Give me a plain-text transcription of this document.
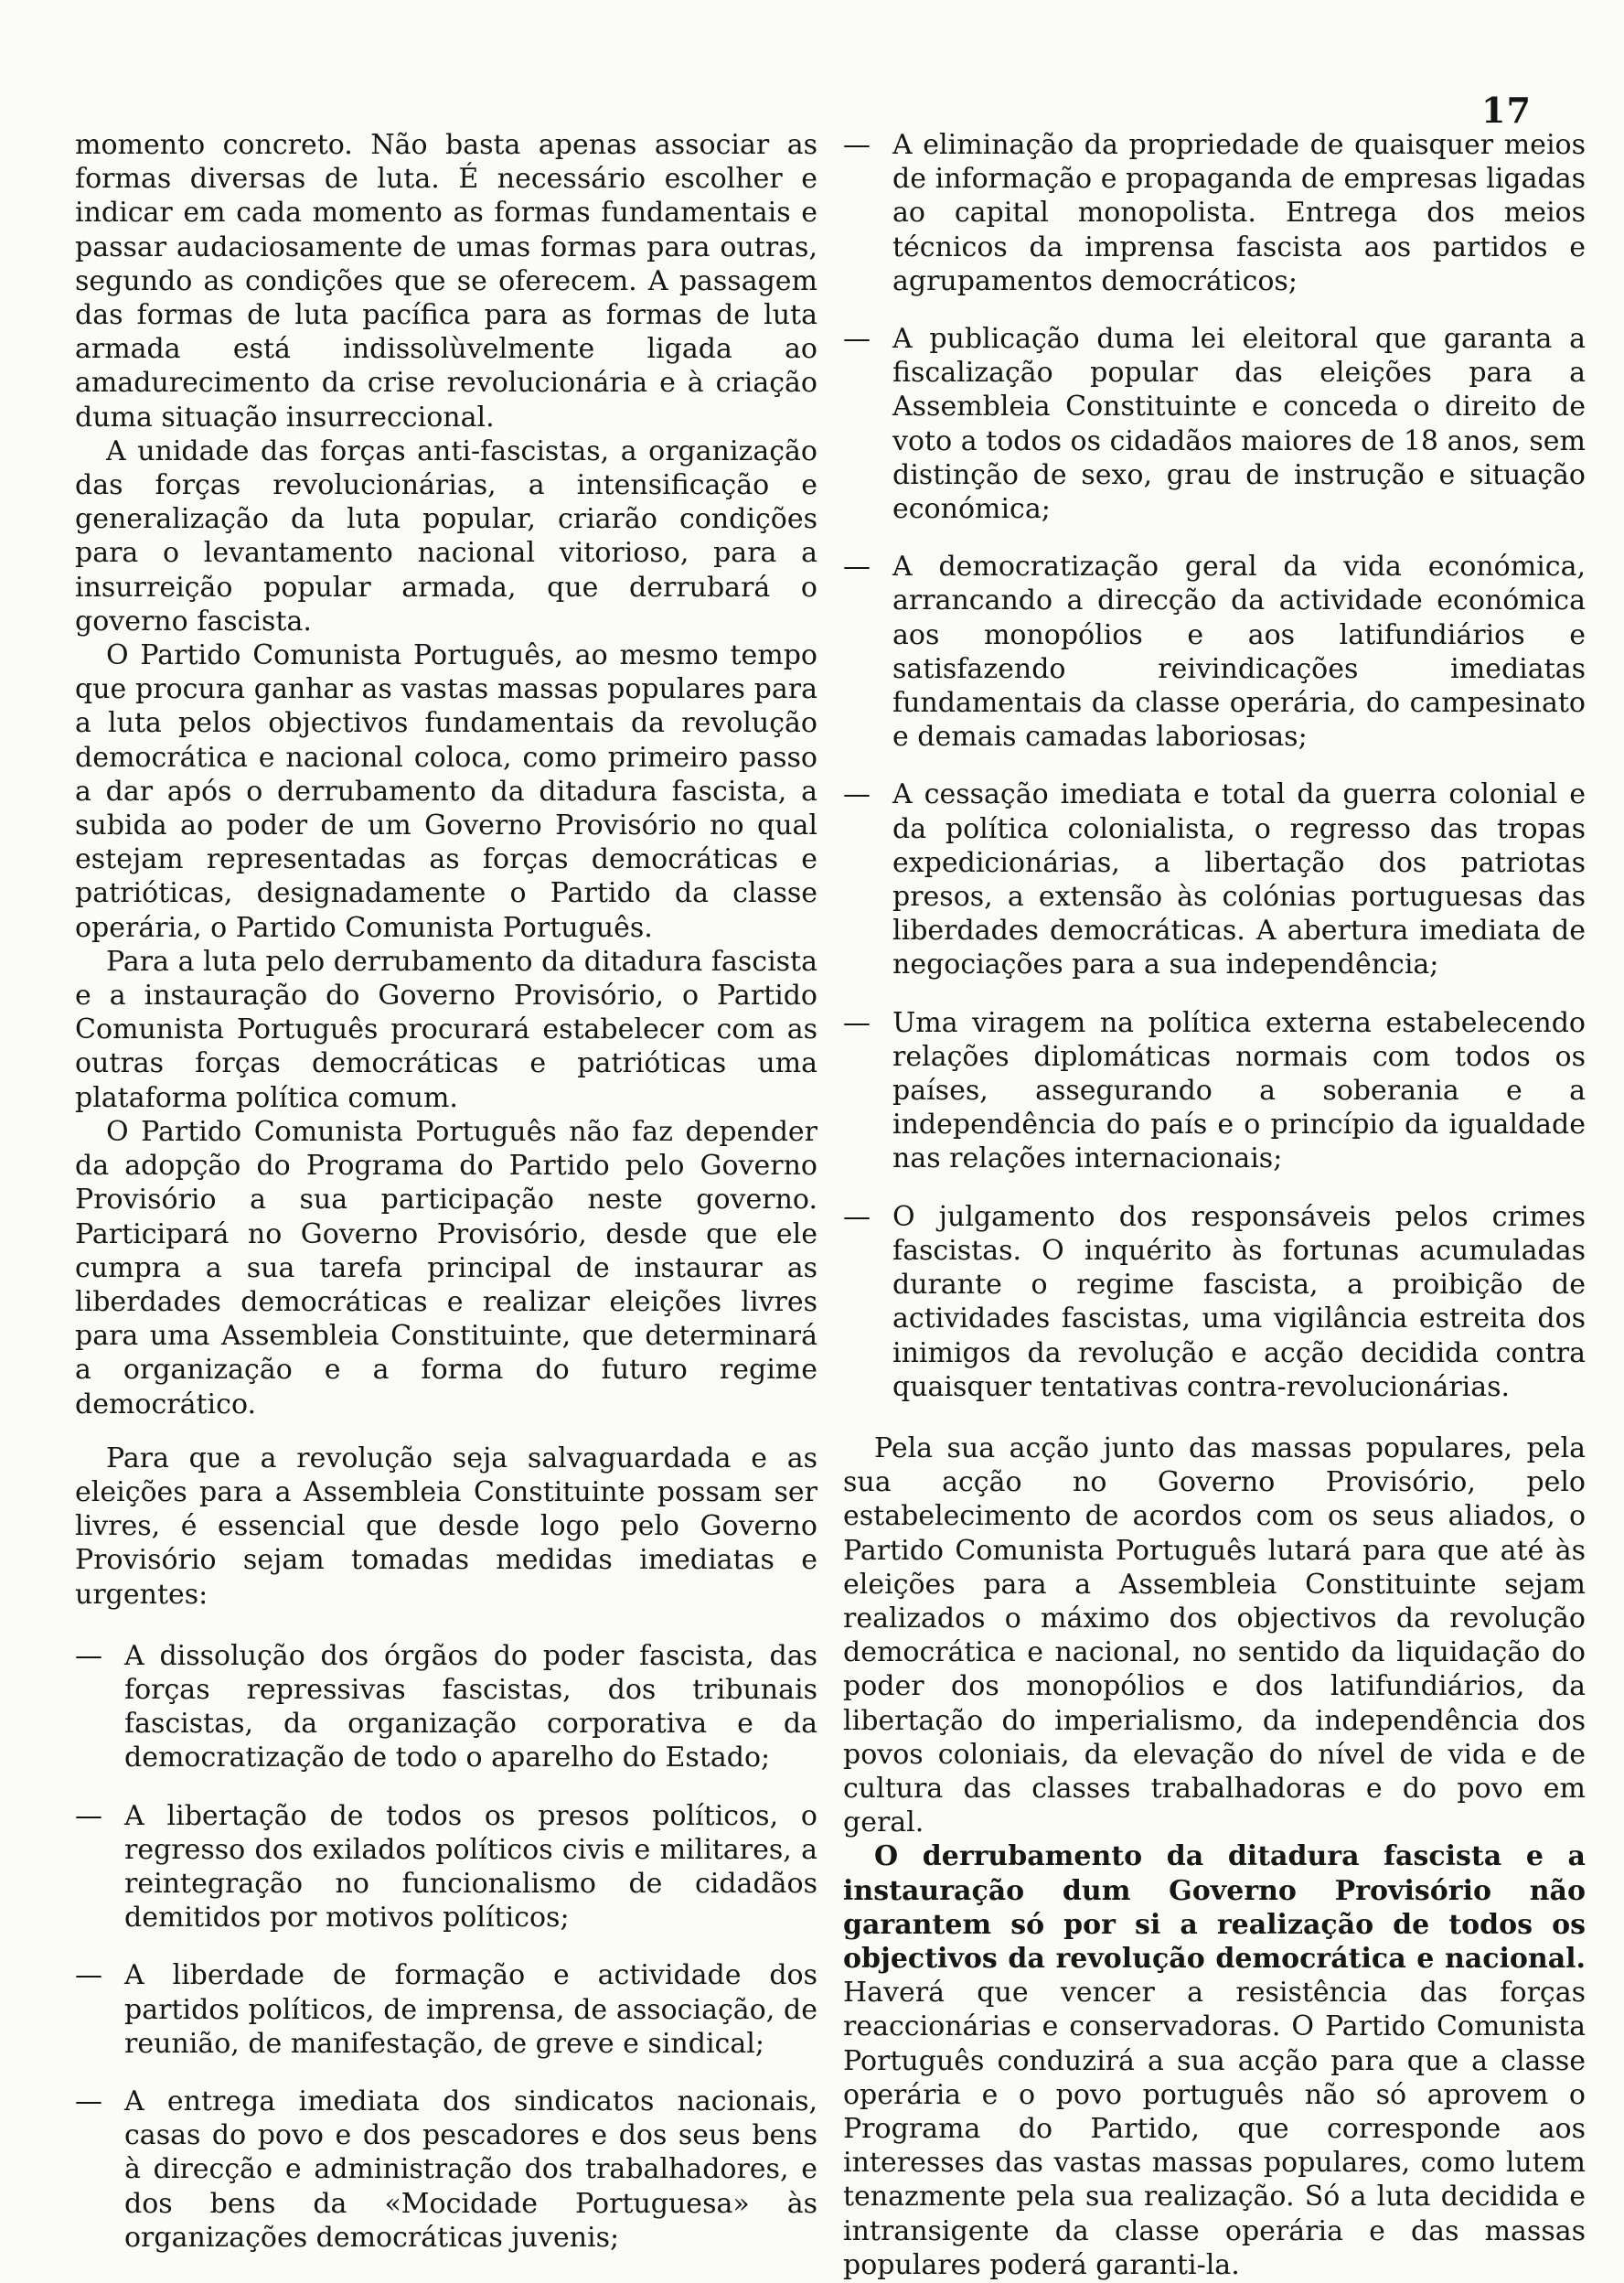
17

momento concreto. Não basta apenas associar as formas diversas de luta. É necessário escolher e indicar em cada momento as formas fundamentais e passar audaciosamente de umas formas para outras, segundo as condições que se oferecem. A passagem das formas de luta pacífica para as formas de luta armada está indissolùvelmente ligada ao amadurecimento da crise revolucionária e à criação duma situação insurreccional.

A unidade das forças anti-fascistas, a organização das forças revolucionárias, a intensificação e generalização da luta popular, criarão condições para o levantamento nacional vitorioso, para a insurreição popular armada, que derrubará o governo fascista.

O Partido Comunista Português, ao mesmo tempo que procura ganhar as vastas massas populares para a luta pelos objectivos fundamentais da revolução democrática e nacional coloca, como primeiro passo a dar após o derrubamento da ditadura fascista, a subida ao poder de um Governo Provisório no qual estejam representadas as forças democráticas e patrióticas, designadamente o Partido da classe operária, o Partido Comunista Português.

Para a luta pelo derrubamento da ditadura fascista e a instauração do Governo Provisório, o Partido Comunista Português procurará estabelecer com as outras forças democráticas e patrióticas uma plataforma política comum.

O Partido Comunista Português não faz depender da adopção do Programa do Partido pelo Governo Provisório a sua participação neste governo. Participará no Governo Provisório, desde que ele cumpra a sua tarefa principal de instaurar as liberdades democráticas e realizar eleições livres para uma Assembleia Constituinte, que determinará a organização e a forma do futuro regime democrático.

Para que a revolução seja salvaguardada e as eleições para a Assembleia Constituinte possam ser livres, é essencial que desde logo pelo Governo Provisório sejam tomadas medidas imediatas e urgentes:

— A dissolução dos órgãos do poder fascista, das forças repressivas fascistas, dos tribunais fascistas, da organização corporativa e da democratização de todo o aparelho do Estado;

— A libertação de todos os presos políticos, o regresso dos exilados políticos civis e militares, a reintegração no funcionalismo de cidadãos demitidos por motivos políticos;

— A liberdade de formação e actividade dos partidos políticos, de imprensa, de associação, de reunião, de manifestação, de greve e sindical;

— A entrega imediata dos sindicatos nacionais, casas do povo e dos pescadores e dos seus bens à direcção e administração dos trabalhadores, e dos bens da «Mocidade Portuguesa» às organizações democráticas juvenis;

— A eliminação da propriedade de quaisquer meios de informação e propaganda de empresas ligadas ao capital monopolista. Entrega dos meios técnicos da imprensa fascista aos partidos e agrupamentos democráticos;

— A publicação duma lei eleitoral que garanta a fiscalização popular das eleições para a Assembleia Constituinte e conceda o direito de voto a todos os cidadãos maiores de 18 anos, sem distinção de sexo, grau de instrução e situação económica;

— A democratização geral da vida económica, arrancando a direcção da actividade económica aos monopólios e aos latifundiários e satisfazendo reivindicações imediatas fundamentais da classe operária, do campesinato e demais camadas laboriosas;

— A cessação imediata e total da guerra colonial e da política colonialista, o regresso das tropas expedicionárias, a libertação dos patriotas presos, a extensão às colónias portuguesas das liberdades democráticas. A abertura imediata de negociações para a sua independência;

— Uma viragem na política externa estabelecendo relações diplomáticas normais com todos os países, assegurando a soberania e a independência do país e o princípio da igualdade nas relações internacionais;

— O julgamento dos responsáveis pelos crimes fascistas. O inquérito às fortunas acumuladas durante o regime fascista, a proibição de actividades fascistas, uma vigilância estreita dos inimigos da revolução e acção decidida contra quaisquer tentativas contra-revolucionárias.

Pela sua acção junto das massas populares, pela sua acção no Governo Provisório, pelo estabelecimento de acordos com os seus aliados, o Partido Comunista Português lutará para que até às eleições para a Assembleia Constituinte sejam realizados o máximo dos objectivos da revolução democrática e nacional, no sentido da liquidação do poder dos monopólios e dos latifundiários, da libertação do imperialismo, da independência dos povos coloniais, da elevação do nível de vida e de cultura das classes trabalhadoras e do povo em geral.

O derrubamento da ditadura fascista e a instauração dum Governo Provisório não garantem só por si a realização de todos os objectivos da revolução democrática e nacional. Haverá que vencer a resistência das forças reaccionárias e conservadoras. O Partido Comunista Português conduzirá a sua acção para que a classe operária e o povo português não só aprovem o Programa do Partido, que corresponde aos interesses das vastas massas populares, como lutem tenazmente pela sua realização. Só a luta decidida e intransigente da classe operária e das massas populares poderá garanti-la.
